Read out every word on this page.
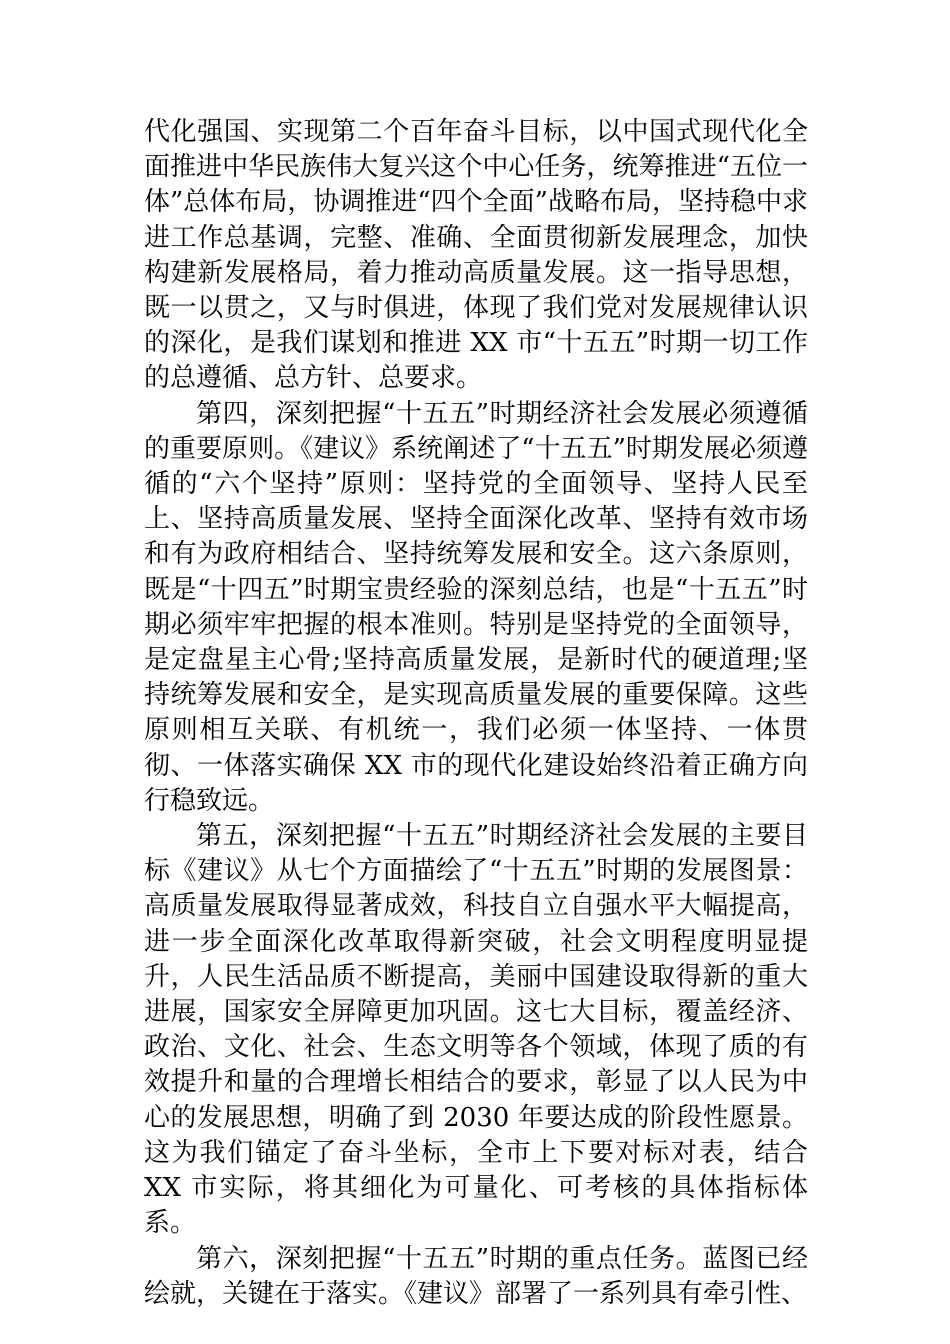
代化强国、实现第二个百年奋斗目标，以中国式现代化全面推进中华民族伟大复兴这个中心任务，统筹推进“五位一体”总体布局，协调推进“四个全面”战略布局，坚持稳中求进工作总基调，完整、准确、全面贯彻新发展理念，加快构建新发展格局，着力推动高质量发展。这一指导思想，既一以贯之，又与时俱进，体现了我们党对发展规律认识的深化，是我们谋划和推进 XX 市“十五五”时期一切工作的总遵循、总方针、总要求。

第四，深刻把握“十五五”时期经济社会发展必须遵循的重要原则。《建议》系统阐述了“十五五”时期发展必须遵循的“六个坚持”原则：坚持党的全面领导、坚持人民至上、坚持高质量发展、坚持全面深化改革、坚持有效市场和有为政府相结合、坚持统筹发展和安全。这六条原则，既是“十四五”时期宝贵经验的深刻总结，也是“十五五”时期必须牢牢把握的根本准则。特别是坚持党的全面领导，是定盘星主心骨;坚持高质量发展，是新时代的硬道理;坚持统筹发展和安全，是实现高质量发展的重要保障。这些原则相互关联、有机统一，我们必须一体坚持、一体贯彻、一体落实确保 XX 市的现代化建设始终沿着正确方向行稳致远。

第五，深刻把握“十五五”时期经济社会发展的主要目标《建议》从七个方面描绘了“十五五”时期的发展图景：高质量发展取得显著成效，科技自立自强水平大幅提高，进一步全面深化改革取得新突破，社会文明程度明显提升，人民生活品质不断提高，美丽中国建设取得新的重大进展，国家安全屏障更加巩固。这七大目标，覆盖经济、政治、文化、社会、生态文明等各个领域，体现了质的有效提升和量的合理增长相结合的要求，彰显了以人民为中心的发展思想，明确了到 2030 年要达成的阶段性愿景。这为我们锚定了奋斗坐标，全市上下要对标对表，结合 XX 市实际，将其细化为可量化、可考核的具体指标体系。

第六，深刻把握“十五五”时期的重点任务。蓝图已经绘就，关键在于落实。《建议》部署了一系列具有牵引性、
